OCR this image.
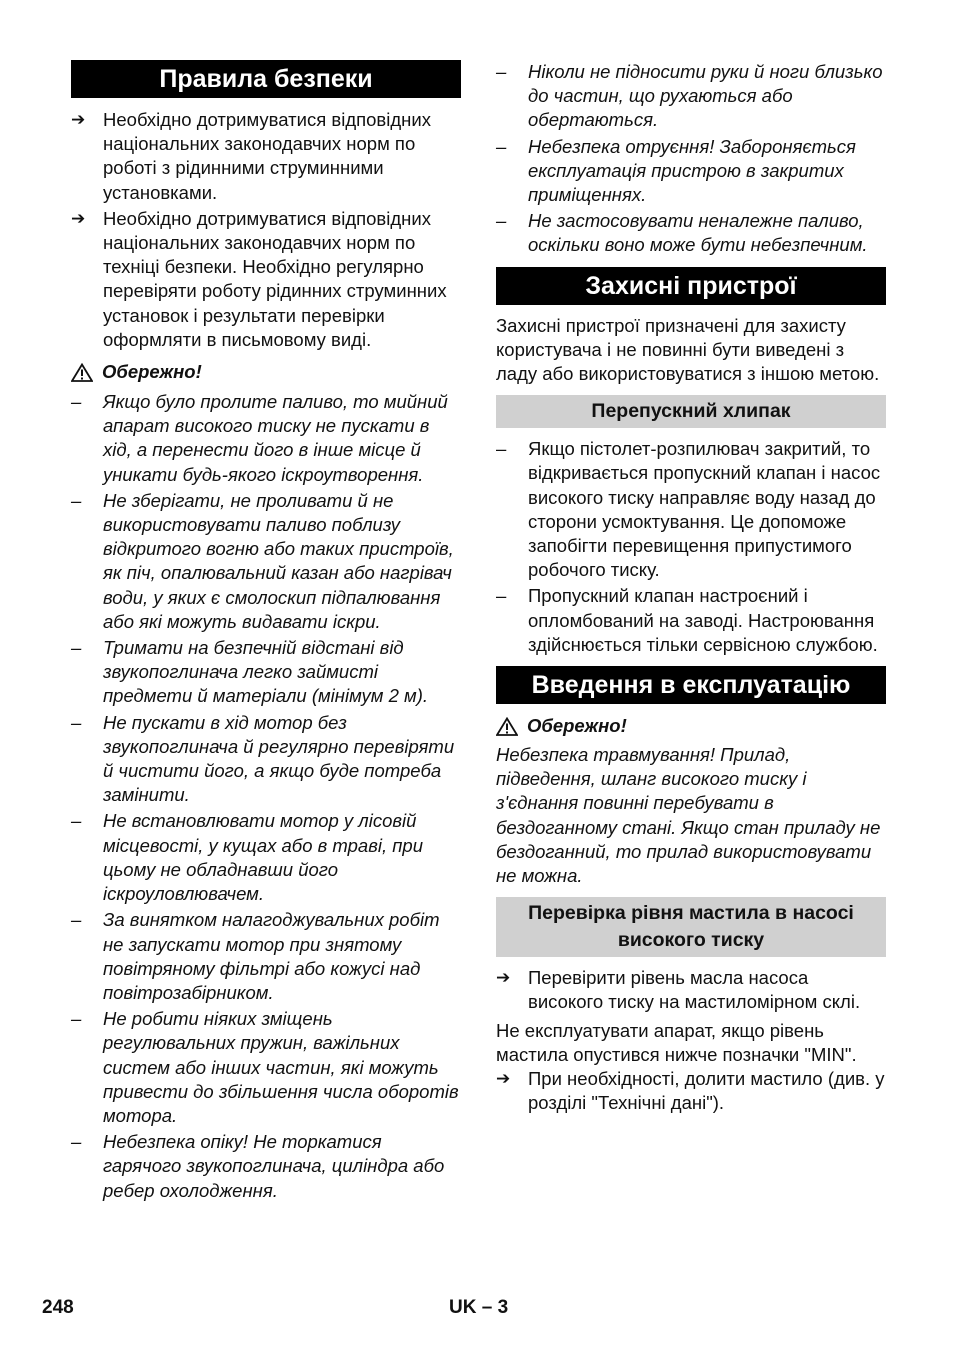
Правила безпеки
➔ Необхідно дотримуватися відповідних національних законодавчих норм по роботі з рідинними струминними установками.
➔ Необхідно дотримуватися відповідних національних законодавчих норм по техніці безпеки. Необхідно регулярно перевіряти роботу рідинних струминних установок і результати перевірки оформляти в письмовому виді.
Обережно!
–	Якщо було пролите паливо, то мийний апарат високого тиску не пускати в хід, а перенести його в інше місце й уникати будь-якого іскроутворення.
–	Не зберігати, не проливати й не використовувати паливо поблизу відкритого вогню або таких пристроїв, як піч, опалювальний казан або нагрівач води, у яких є смолоскип підпалювання або які можуть видавати іскри.
–	Тримати на безпечній відстані від звукопоглинача легко займисті предмети й матеріали (мінімум 2 м).
–	Не пускати в хід мотор без звукопоглинача й регулярно перевіряти й чистити його, а якщо буде потреба замінити.
–	Не встановлювати мотор у лісовій місцевості, у кущах або в траві, при цьому не обладнавши його іскроуловлювачем.
–	За винятком налагоджувальних робіт не запускати мотор при знятому повітряному фільтрі або кожусі над повітрозабірником.
–	Не робити ніяких зміщень регулювальних пружин, важільних систем або інших частин, які можуть привести до збільшення числа оборотів мотора.
–	Небезпека опіку! Не торкатися гарячого звукопоглинача, циліндра або ребер охолодження.
–	Ніколи не підносити руки й ноги близько до частин, що рухаються або обертаються.
–	Небезпека отруєння! Забороняється експлуатація пристрою в закритих приміщеннях.
–	Не застосовувати неналежне паливо, оскільки воно може бути небезпечним.
Захисні пристрої
Захисні пристрої призначені для захисту користувача і не повинні бути виведені з ладу або використовуватися з іншою метою.
Перепускний хлипак
–	Якщо пістолет-розпилювач закритий, то відкривається пропускний клапан і насос високого тиску направляє воду назад до сторони усмоктування. Це допоможе запобігти перевищення припустимого робочого тиску.
–	Пропускний клапан настроєний і опломбований на заводі. Настроювання здійснюється тільки сервісною службою.
Введення в експлуатацію
Обережно!
Небезпека травмування! Прилад, підведення, шланг високого тиску і з'єднання повинні перебувати в бездоганному стані. Якщо стан приладу не бездоганний, то прилад використовувати не можна.
Перевірка рівня мастила в насосі високого тиску
➔ Перевірити рівень масла насоса високого тиску на мастиломірном склі.
Не експлуатувати апарат, якщо рівень мастила опустився нижче позначки "MIN".
➔ При необхідності, долити мастило (див. у розділі "Технічні дані").
248	UK – 3
